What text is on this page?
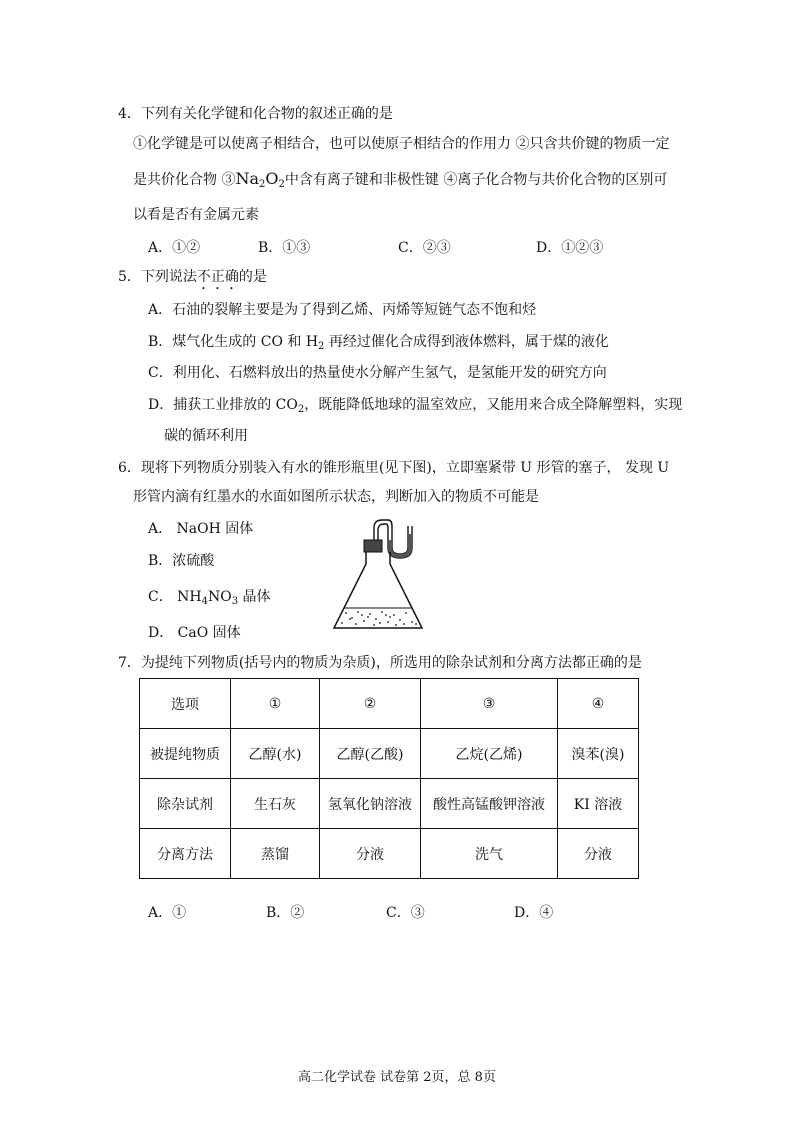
4．下列有关化学键和化合物的叙述正确的是
①化学键是可以使离子相结合，也可以使原子相结合的作用力 ②只含共价键的物质一定
是共价化合物 $③Na_2O_2$中含有离子键和非极性键 ④离子化合物与共价化合物的区别可
以看是否有金属元素
A．①②	B．①③	C．②③	D．①②③
5．下列说法不正确的是
A．石油的裂解主要是为了得到乙烯、丙烯等短链气态不饱和烃
B．煤气化生成的 CO 和 $H_2$ 再经过催化合成得到液体燃料，属于煤的液化
C．利用化、石燃料放出的热量使水分解产生氢气，是氢能开发的研究方向
D．捕获工业排放的 $CO_2$，既能降低地球的温室效应，又能用来合成全降解塑料，实现
碳的循环利用
6．现将下列物质分别装入有水的锥形瓶里(见下图)，立即塞紧带 U 形管的塞子， 发现 U
形管内滴有红墨水的水面如图所示状态，判断加入的物质不可能是
A． NaOH 固体
B．浓硫酸
C． $NH_4NO_3$ 晶体
D． CaO 固体
7．为提纯下列物质(括号内的物质为杂质)，所选用的除杂试剂和分离方法都正确的是
选项	①	②	③	④
被提纯物质	乙醇(水)	乙醇(乙酸)	乙烷(乙烯)	溴苯(溴)
除杂试剂	生石灰	氢氧化钠溶液	酸性高锰酸钾溶液	KI 溶液
分离方法	蒸馏	分液	洗气	分液
A．①	B．②	C．③	D．④
高二化学试卷 试卷第 2页，总 8页
